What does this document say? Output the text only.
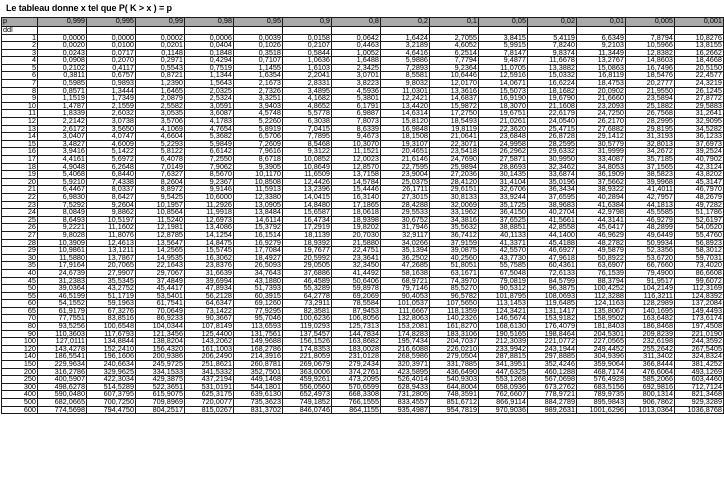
Le tableau donne x tel que P( K > x ) = p
p	0,999	0,995	0,99	0,98	0,95	0,9	0,8	0,2	0,1	0,05	0,02	0,01	0,005	0,001
ddl														
1	0,0000	0,0000	0,0002	0,0006	0,0039	0,0158	0,0642	1,6424	2,7055	3,8415	5,4119	6,6349	7,8794	10,8276
2	0,0020	0,0100	0,0201	0,0404	0,1026	0,2107	0,4463	3,2189	4,6052	5,9915	7,8240	9,2103	10,5966	13,8155
3	0,0243	0,0717	0,1148	0,1848	0,3518	0,5844	1,0052	4,6416	6,2514	7,8147	9,8374	11,3449	12,8382	16,2662
4	0,0908	0,2070	0,2971	0,4294	0,7107	1,0636	1,6488	5,9886	7,7794	9,4877	11,6678	13,2767	14,8603	18,4668
5	0,2102	0,4117	0,5543	0,7519	1,1455	1,6103	2,3425	7,2893	9,2364	11,0705	13,3882	15,0863	16,7496	20,5150
6	0,3811	0,6757	0,8721	1,1344	1,6354	2,2041	3,0701	8,5581	10,6446	12,5916	15,0332	16,8119	18,5476	22,4577
7	0,5985	0,9893	1,2390	1,5643	2,1673	2,8331	3,8223	9,8032	12,0170	14,0671	16,6224	18,4753	20,2777	24,3219
8	0,8571	1,3444	1,6465	2,0325	2,7326	3,4895	4,5936	11,0301	13,3616	15,5073	18,1682	20,0902	21,9550	26,1245
9	1,1519	1,7349	2,0879	2,5324	3,3251	4,1682	5,3801	12,2421	14,6837	16,9190	19,6790	21,6660	23,5894	27,8772
10	1,4787	2,1559	2,5582	3,0591	3,9403	4,8652	6,1791	13,4420	15,9872	18,3070	21,1608	23,2093	25,1882	29,5883
11	1,8339	2,6032	3,0535	3,6087	4,5748	5,5778	6,9887	14,6314	17,2750	19,6751	22,6179	24,7250	26,7568	31,2641
12	2,2142	3,0738	3,5706	4,1783	5,2260	6,3038	7,8073	15,8120	18,5493	21,0261	24,0540	26,2170	28,2995	32,9095
13	2,6172	3,5650	4,1069	4,7654	5,8919	7,0415	8,6339	16,9848	19,8119	22,3620	25,4715	27,6882	29,8195	34,5282
14	3,0407	4,0747	4,6604	5,3682	6,5706	7,7895	9,4673	18,1508	21,0641	23,6848	26,8728	29,1412	31,3193	36,1233
15	3,4827	4,6009	5,2293	5,9849	7,2609	8,5468	10,3070	19,3107	22,3071	24,9958	28,2595	30,5779	32,8013	37,6973
16	3,9416	5,1422	5,8122	6,6142	7,9616	9,3122	11,1521	20,4651	23,5418	26,2962	29,6332	31,9999	34,2672	39,2524
17	4,4161	5,6972	6,4078	7,2550	8,6718	10,0852	12,0023	21,6146	24,7690	27,5871	30,9950	33,4087	35,7185	40,7902
18	4,9048	6,2648	7,0149	7,9062	9,3905	10,8649	12,8570	22,7595	25,9894	28,8693	32,3462	34,8053	37,1565	42,3124
19	5,4068	6,8440	7,6327	8,5670	10,1170	11,6509	13,7158	23,9004	27,2036	30,1435	33,6874	36,1909	38,5823	43,8202
20	5,9210	7,4338	8,2604	9,2367	10,8508	12,4426	14,5784	25,0375	28,4120	31,4104	35,0196	37,5662	39,9968	45,3147
21	6,4467	8,0337	8,8972	9,9146	11,5913	13,2396	15,4446	26,1711	29,6151	32,6706	36,3434	38,9322	41,4011	46,7970
22	6,9830	8,6427	9,5425	10,6000	12,3380	14,0415	16,3140	27,3015	30,8133	33,9244	37,6595	40,2894	42,7957	48,2679
23	7,5292	9,2604	10,1957	11,2926	13,0905	14,8480	17,1865	28,4288	32,0069	35,1725	38,9683	41,6384	44,1813	49,7282
24	8,0849	9,8862	10,8564	11,9918	13,8484	15,6587	18,0618	29,5533	33,1962	36,4150	40,2704	42,9798	45,5585	51,1786
25	8,6493	10,5197	11,5240	12,6973	14,6114	16,4734	18,9398	30,6752	34,3816	37,6525	41,5661	44,3141	46,9279	52,6197
26	9,2221	11,1602	12,1981	13,4086	15,3792	17,2919	19,8202	31,7946	35,5632	38,8851	42,8558	45,6417	48,2899	54,0520
27	9,8028	11,8076	12,8785	14,1254	16,1514	18,1139	20,7030	32,9117	36,7412	40,1133	44,1400	46,9629	49,6449	55,4760
28	10,3909	12,4613	13,5647	14,8475	16,9279	18,9392	21,5880	34,0266	37,9159	41,3371	45,4188	48,2782	50,9934	56,8923
29	10,9861	13,1211	14,2565	15,5745	17,7084	19,7677	22,4751	35,1394	39,0875	42,5570	46,6927	49,5879	52,3356	58,3012
30	11,5880	13,7867	14,9535	16,3062	18,4927	20,5992	23,3641	36,2502	40,2560	43,7730	47,9618	50,8922	53,6720	59,7031
35	17,9164	20,7065	22,1643	23,8376	26,5093	29,0505	32,3450	47,2685	51,8051	55,7585	60,4361	63,6907	66,7660	73,4020
40	24,6739	27,9907	29,7067	31,6639	34,7643	37,6886	41,4492	58,1638	63,1671	67,5048	72,6133	76,1539	79,4900	86,6608
45	31,2383	35,5345	37,4849	39,6994	43,1880	46,4589	50,6406	68,9721	74,3970	79,0819	84,5799	88,3794	91,9517	99,6072
50	39,0364	43,2752	45,4417	47,8934	51,7393	55,3289	59,8978	79,7146	85,5270	90,5312	96,3875	100,4252	104,2149	112,3169
55	46,5199	51,1719	53,5401	56,2128	60,3915	64,2778	69,2069	90,4053	96,5782	101,8795	108,0693	112,3288	116,3211	124,8392
60	54,1552	59,1963	61,7541	64,6347	69,1260	73,2911	78,5584	101,0537	107,5650	113,1453	119,6485	124,1163	128,2989	137,2084
65	61,9179	67,3276	70,0649	73,1422	77,9295	82,3581	87,9453	111,6667	118,1359	124,3421	131,1417	135,8067	140,1695	149,4493
70	77,7551	83,8516	86,9233	90,3667	95,7046	100,6236	106,8056	132,8063	140,2326	146,5674	153,9182	158,9502	163,6482	173,6174
80	93,5256	100,6548	104,0344	107,8149	113,6593	119,0293	125,7313	153,2081	161,8270	168,6130	176,4079	181,8403	186,8468	197,4508
90	110,3603	117,6793	121,3456	125,4400	131,7561	137,5457	144,7834	174,8283	183,3106	190,5165	198,8464	204,5301	209,8239	221,0190
100	127,0111	134,8844	138,8204	143,2062	149,9688	156,1526	163,8682	195,7434	204,7037	212,3039	221,0772	227,0565	232,6198	244,3592
120	143,4278	152,2410	156,4320	161,1003	168,2786	174,8353	183,0028	216,6088	226,0210	233,9942	243,1944	249,4452	255,2642	267,5405
140	186,5541	196,1606	200,9386	206,2490	214,3916	221,8059	231,0128	268,5986	279,0504	287,8815	297,8885	304,9396	311,3402	324,8324
150	229,9634	240,6634	245,9725	251,8621	260,8781	269,0679	279,2434	320,3971	331,7885	341,3951	352,4246	359,9064	366,8444	381,4252
200	316,2786	329,9625	334,1533	341,5332	352,7501	363,0006	374,2761	423,5895	436,6490	447,6325	460,1288	468,7174	476,6064	493,1269
250	400,5907	422,3034	429,3875	437,2194	449,1468	459,9261	473,2095	526,4014	540,9303	553,1268	567,0698	576,4928	585,2066	603,4460
300	498,6278	514,5289	522,3651	531,0191	544,1801	556,0560	570,6599	628,9433	644,8004	658,0936	673,2762	683,5156	692,9816	712,7124
400	590,0480	607,3795	615,9075	625,3175	639,6130	652,4973	668,3308	731,2805	748,3591	762,6607	778,9721	789,9735	800,1314	821,3468
500	682,0665	700,7250	709,8969	720,0077	735,3623	749,1852	766,1555	833,4557	851,6712	866,9114	884,2789	895,9843	906,7862	929,3289
600	774,5698	794,4750	804,2517	815,0267	831,3702	846,0746	864,1155	935,4987	954,7819	970,9036	989,2631	1001,6296	1013,0364	1036,8768
